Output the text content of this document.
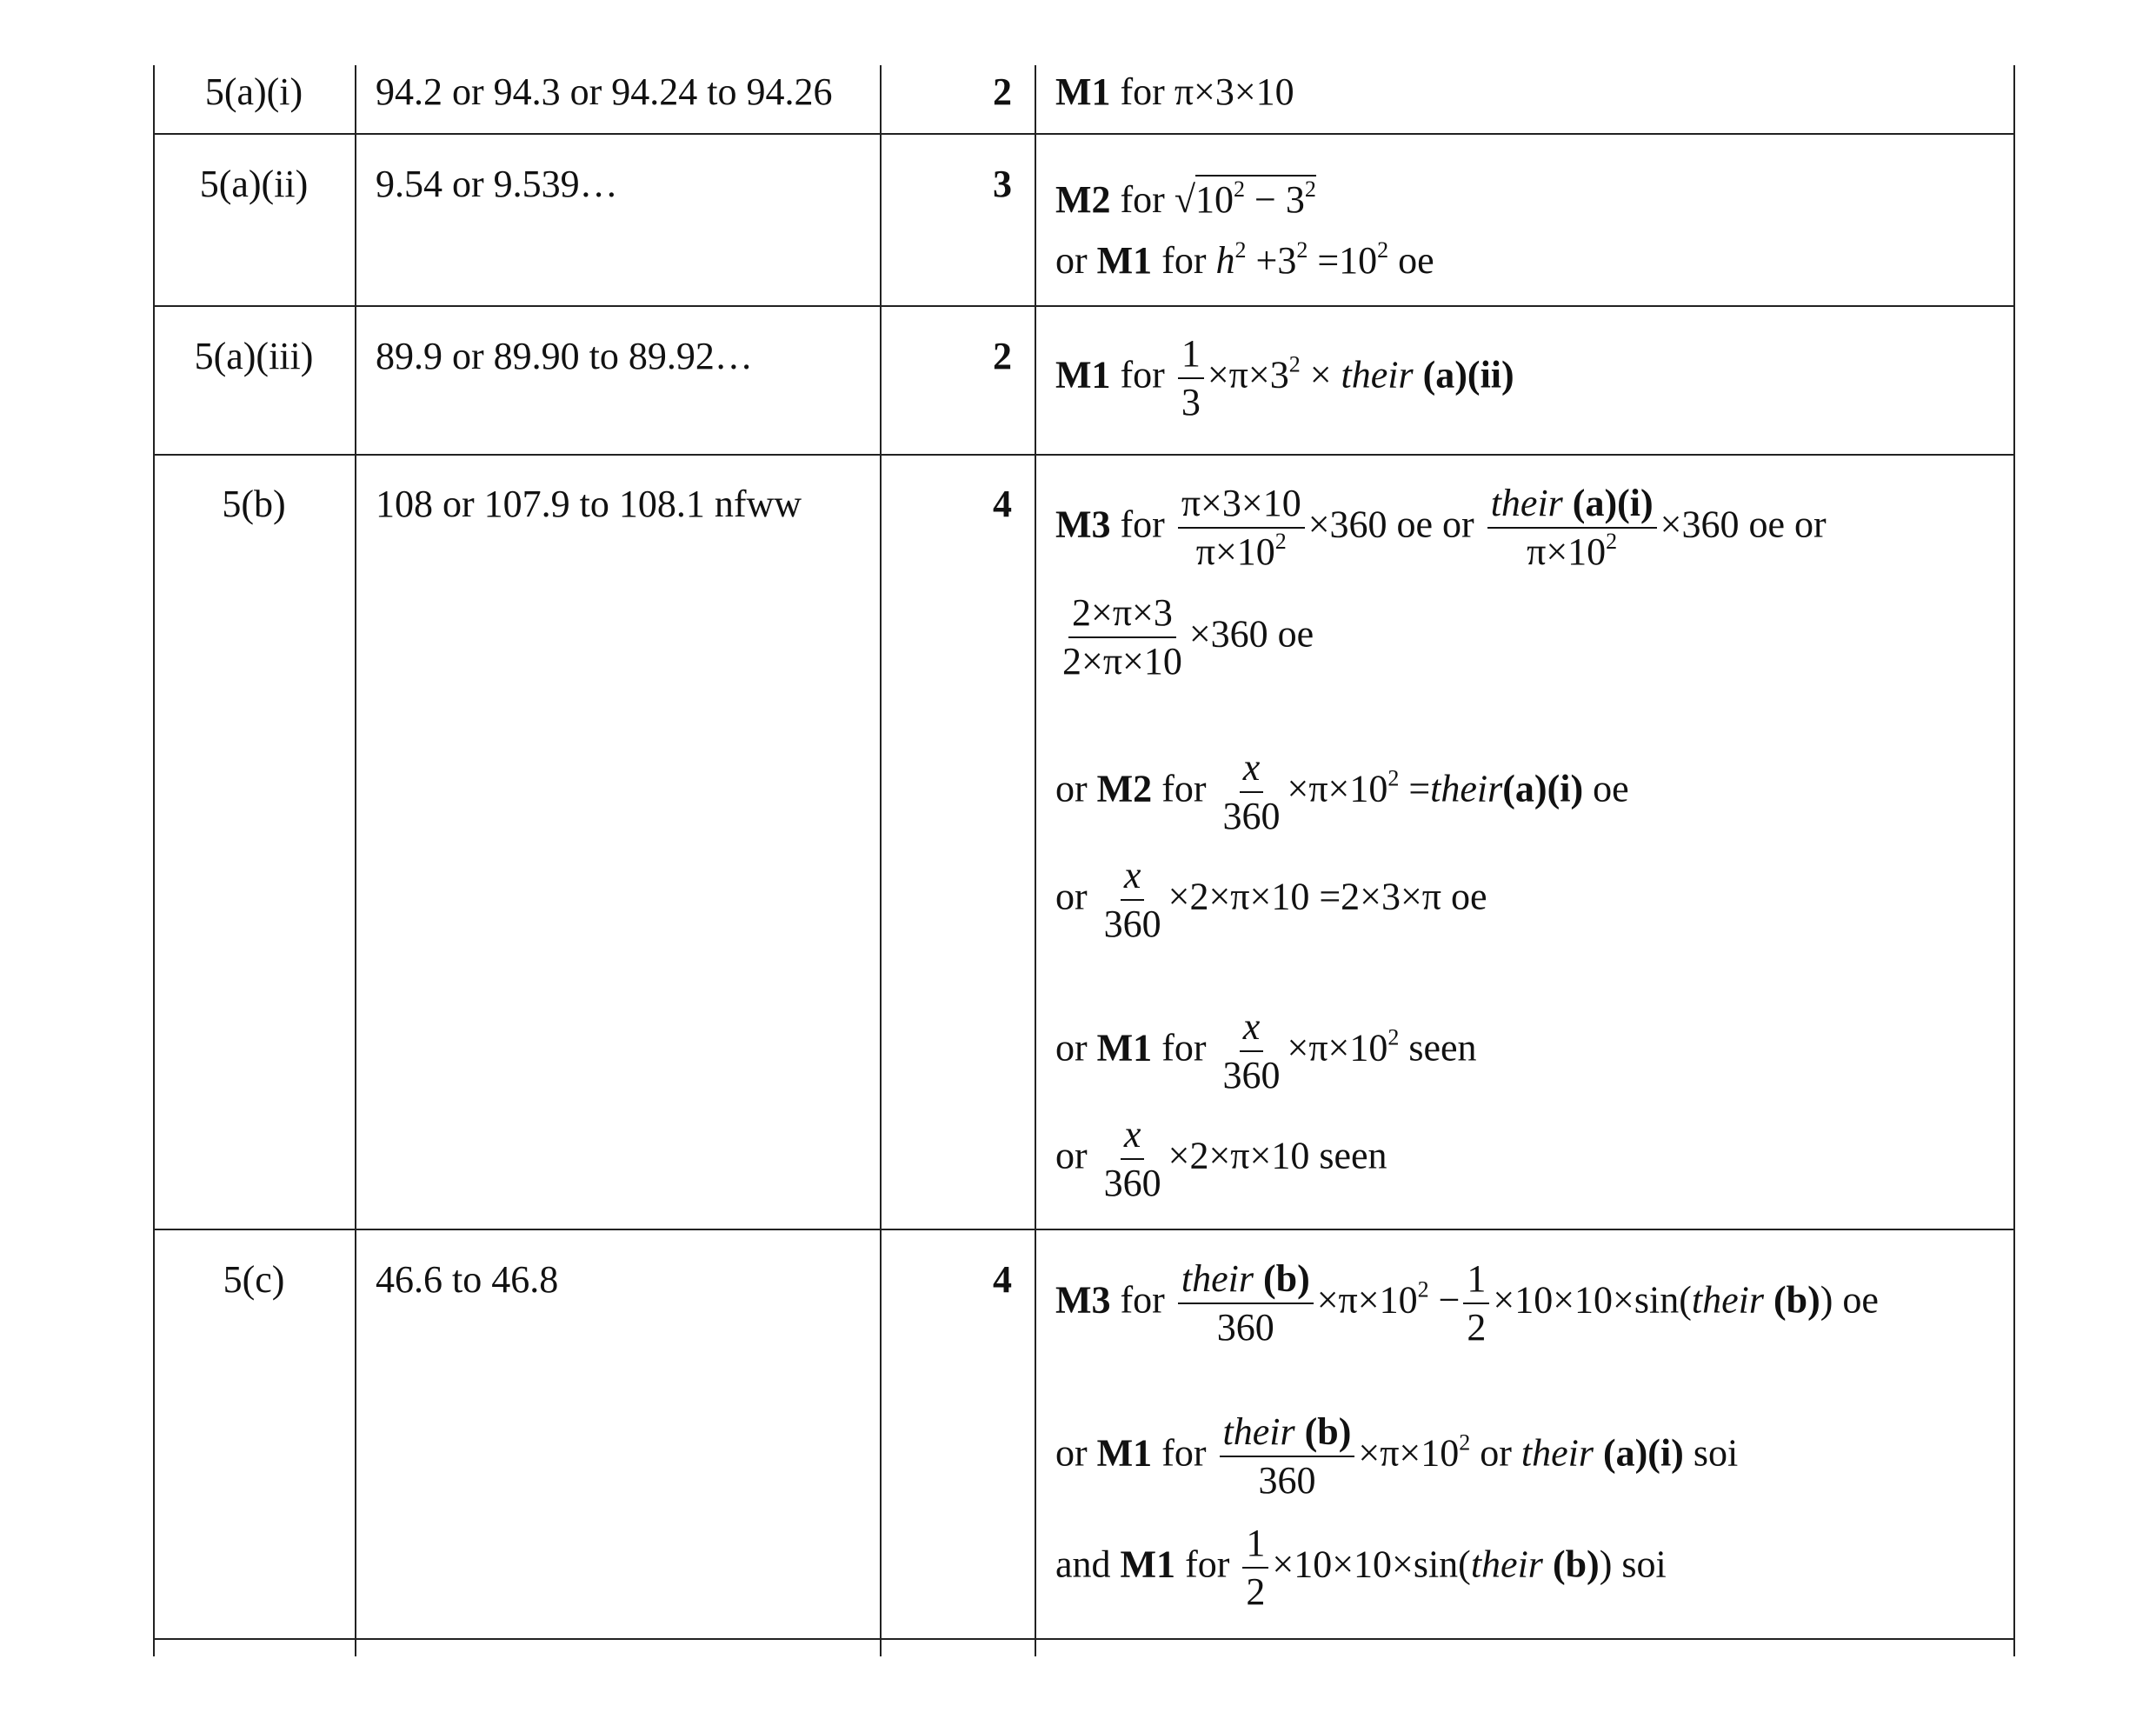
5(a)(i)	94.2 or 94.3 or 94.24 to 94.26	2 M1 for π×3×10
5(a)(ii)	9.54 or 9.539…	3 M2 for $√10^2 - 3^2$
or M1 for $h^2 +3^2 =10^2$ oe
5(a)(iii)	89.9 or 89.90 to 89.92…	2 M1 for $\frac{1}{3} \times\pi\times 3^2$ × their (a)(ii)
5(b)	108 or 107.9 to 108.1 nfww	4 M3 for $\frac{\pi\times 3\times 10}{\pi\times 10^2} \times 360$ oe or $\frac{\text{their (a)(i)}}{\pi\times 10^2} \times 360$ oe or
$\frac{2\times\pi\times 3}{2\times\pi\times 10} \times 360$ oe
or M2 for $\frac{x}{360} \times\pi\times 10^2$ =their(a)(i) oe
or $\frac{x}{360} \times 2\times\pi\times 10 =2\times 3\times\pi$ oe
or M1 for $\frac{x}{360} \times\pi\times 10^2$ seen
or $\frac{x}{360} \times 2\times\pi\times 10$ seen
5(c)	46.6 to 46.8	4 M3 for $\frac{\text{their (b)}}{360} \times\pi\times 10^2 - \frac{1}{2}$ ×10×10×sin(their (b)) oe
or M1 for $\frac{\text{their (b)}}{360} \times\pi\times 10^2$ or their (a)(i) soi
and M1 for $\frac{1}{2}$ ×10×10×sin(their (b)) soi
